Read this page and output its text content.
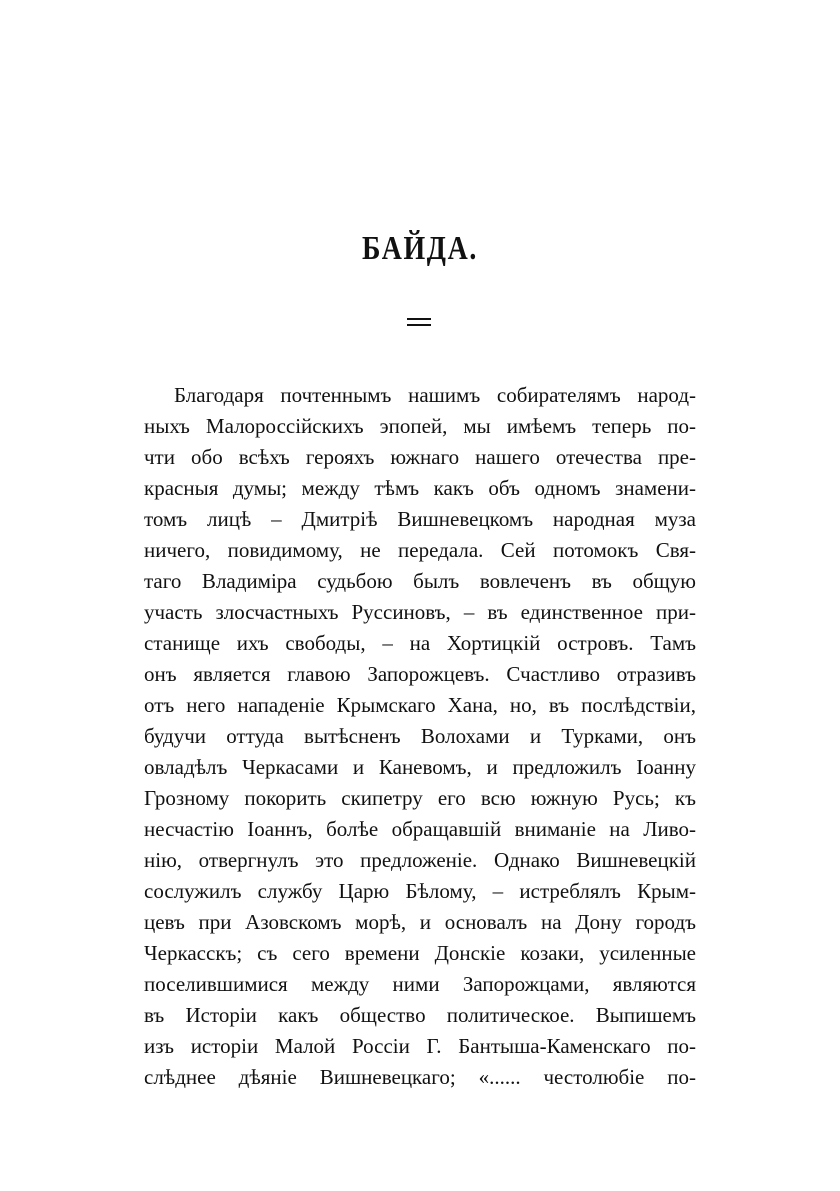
БАЙДА.
Благодаря почтеннымъ нашимъ собирателямъ народ-
ныхъ Малороссійскихъ эпопей, мы имѣемъ теперь по-
чти обо всѣхъ герояхъ южнаго нашего отечества пре-
красныя думы; между тѣмъ какъ объ одномъ знамени-
томъ лицѣ – Дмитріѣ Вишневецкомъ народная муза
ничего, повидимому, не передала. Сей потомокъ Свя-
таго Владиміра судьбою былъ вовлеченъ въ общую
участь злосчастныхъ Руссиновъ, – въ единственное при-
станище ихъ свободы, – на Хортицкій островъ. Тамъ
онъ является главою Запорожцевъ. Счастливо отразивъ
отъ него нападеніе Крымскаго Хана, но, въ послѣдствіи,
будучи оттуда вытѣсненъ Волохами и Турками, онъ
овладѣлъ Черкасами и Каневомъ, и предложилъ Іоанну
Грозному покорить скипетру его всю южную Русь; къ
несчастію Іоаннъ, болѣе обращавшій вниманіе на Ливо-
нію, отвергнулъ это предложеніе. Однако Вишневецкій
сослужилъ службу Царю Бѣлому, – истреблялъ Крым-
цевъ при Азовскомъ морѣ, и основалъ на Дону городъ
Черкасскъ; съ сего времени Донскіе козаки, усиленные
поселившимися между ними Запорожцами, являются
въ Исторіи какъ общество политическое. Выпишемъ
изъ исторіи Малой Россіи Г. Бантыша-Каменскаго по-
слѣднее дѣяніе Вишневецкаго; «...... честолюбіе по-
